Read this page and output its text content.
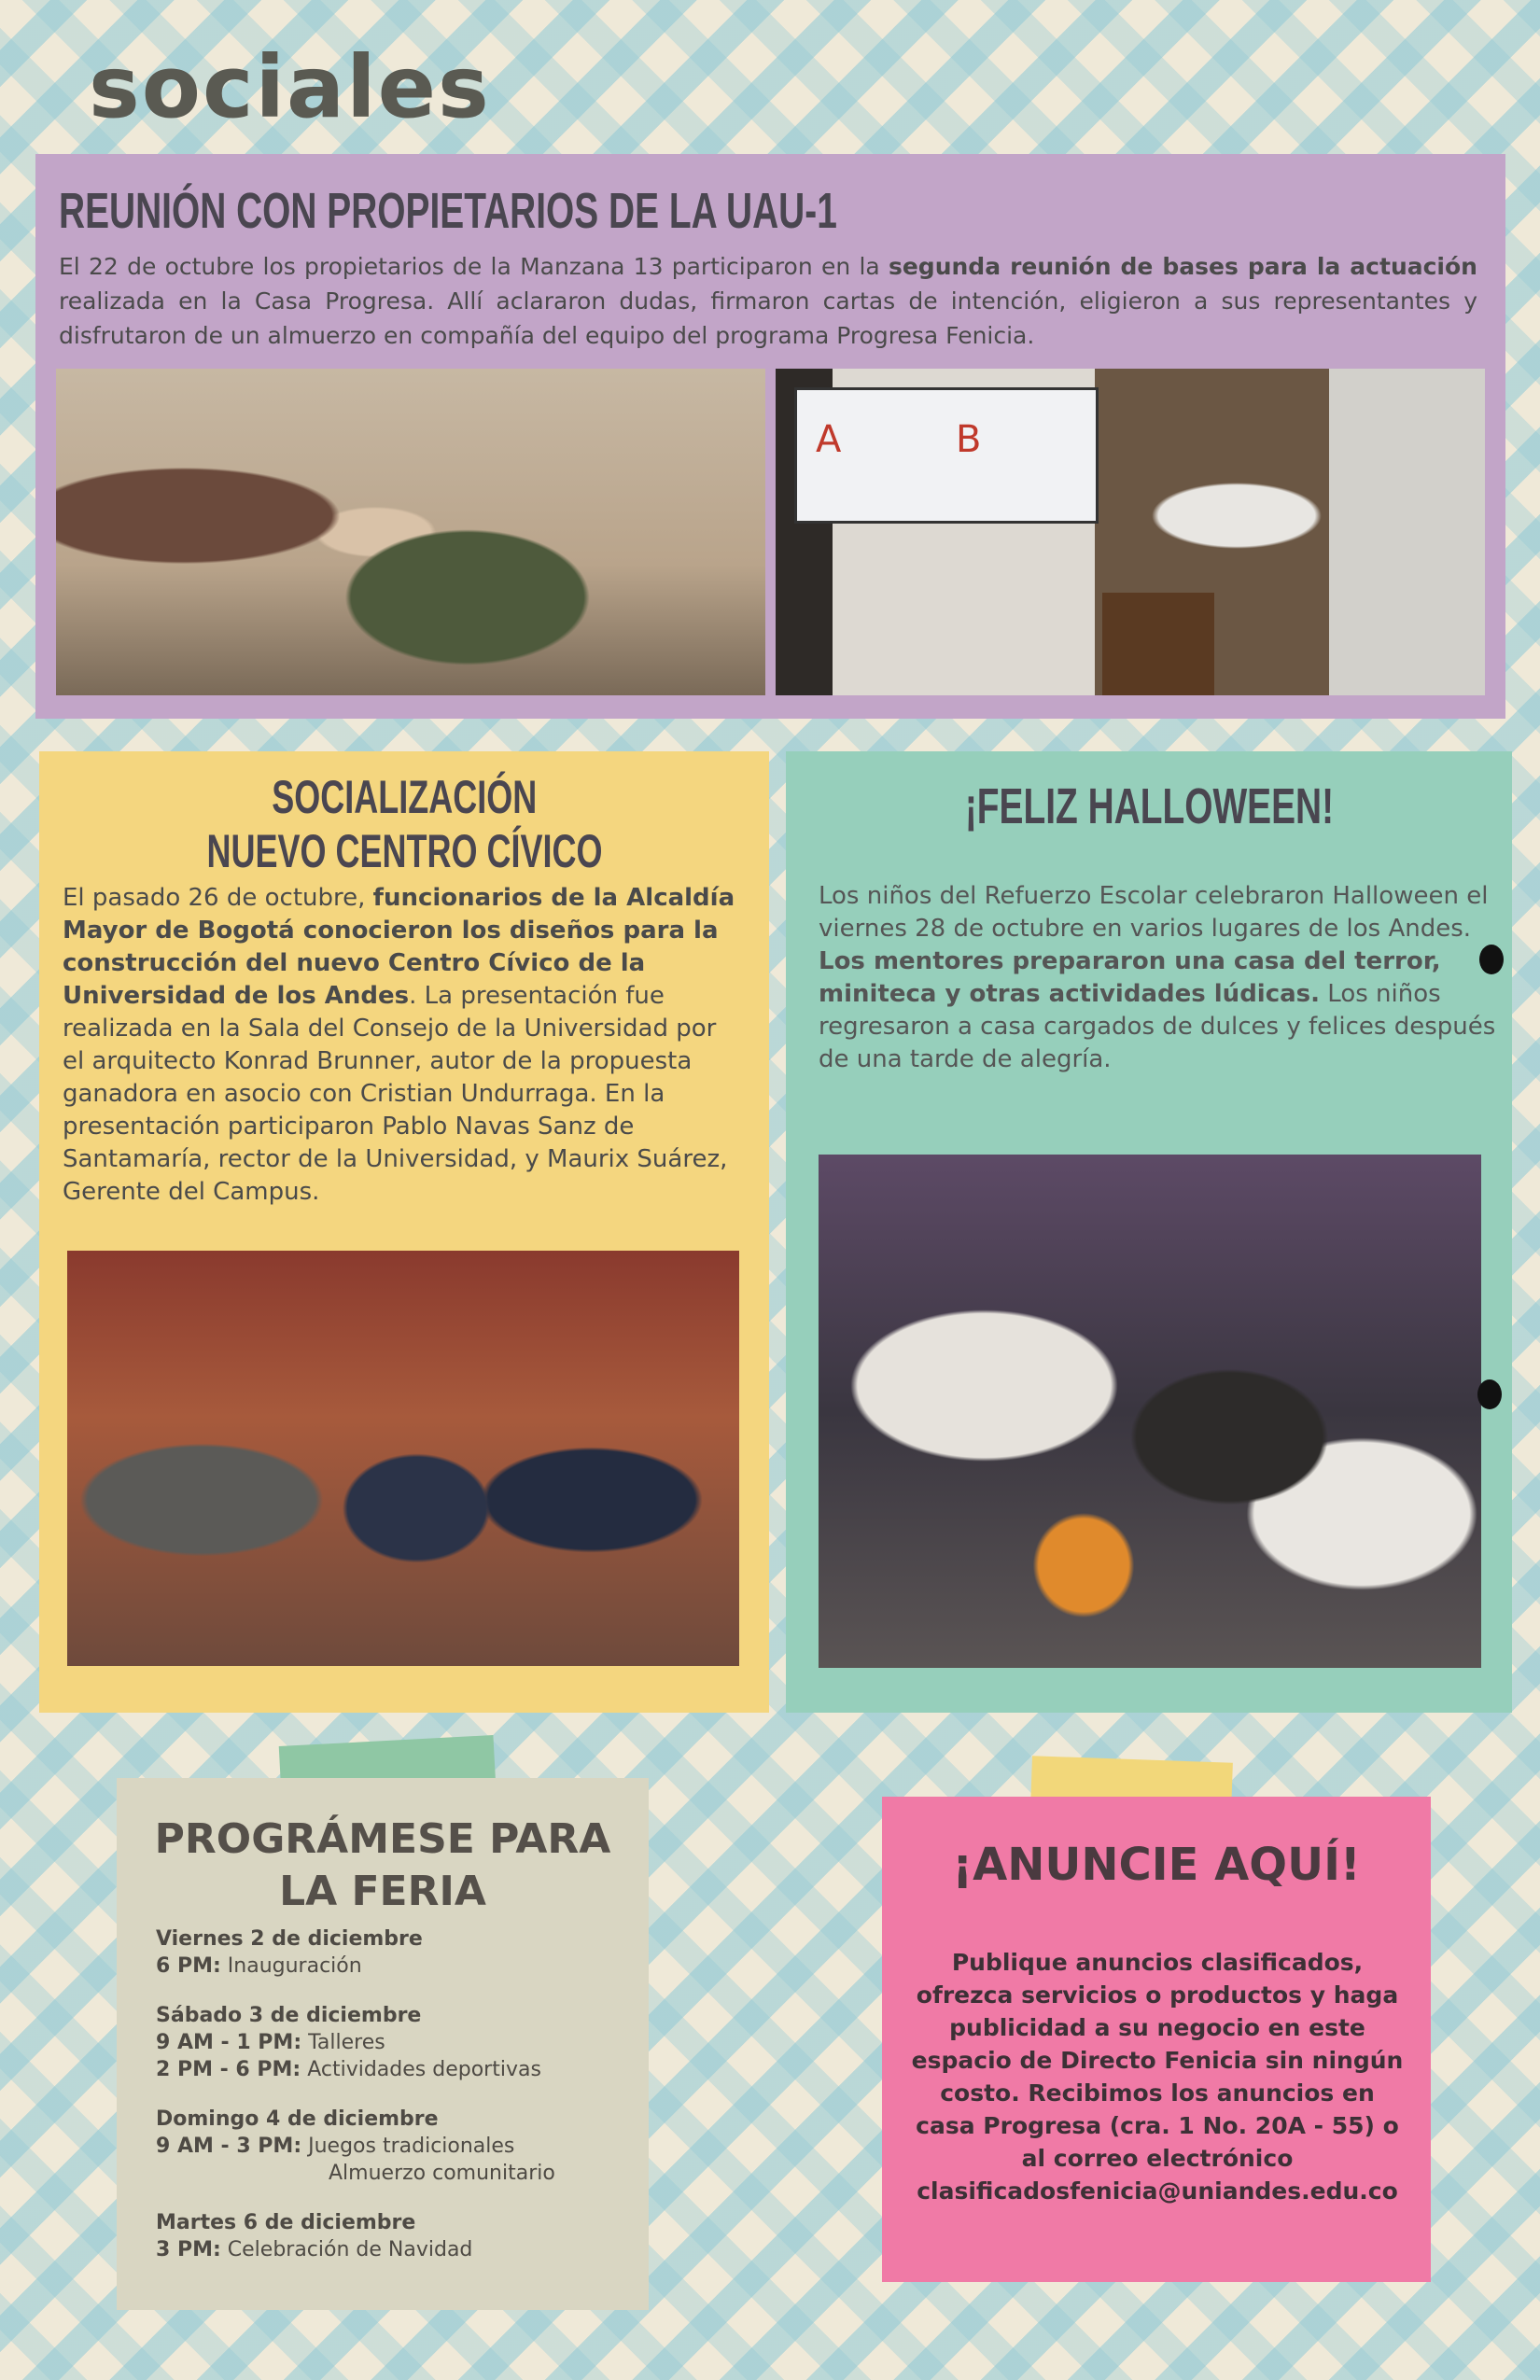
sociales
REUNIÓN CON PROPIETARIOS DE LA UAU-1

El 22 de octubre los propietarios de la Manzana 13 participaron en la segunda reunión de bases para la actuación realizada en la Casa Progresa. Allí aclararon dudas, firmaron cartas de intención, eligieron a sus representantes y disfrutaron de un almuerzo en compañía del equipo del programa Progresa Fenicia.

A	B
SOCIALIZACIÓN
NUEVO CENTRO CÍVICO

El pasado 26 de octubre, funcionarios de la Alcaldía Mayor de Bogotá conocieron los diseños para la construcción del nuevo Centro Cívico de la Universidad de los Andes. La presentación fue realizada en la Sala del Consejo de la Universidad por el arquitecto Konrad Brunner, autor de la propuesta ganadora en asocio con Cristian Undurraga. En la presentación participaron Pablo Navas Sanz de Santamaría, rector de la Universidad, y Maurix Suárez, Gerente del Campus.

¡FELIZ HALLOWEEN!

Los niños del Refuerzo Escolar celebraron Halloween el viernes 28 de octubre en varios lugares de los Andes. Los mentores prepararon una casa del terror, miniteca y otras actividades lúdicas. Los niños regresaron a casa cargados de dulces y felices después de una tarde de alegría.

PROGRÁMESE PARA
LA FERIA
Viernes 2 de diciembre
6 PM: Inauguración
Sábado 3 de diciembre
9 AM - 1 PM: Talleres
2 PM - 6 PM: Actividades deportivas
Domingo 4 de diciembre
9 AM - 3 PM: Juegos tradicionales
Almuerzo comunitario
Martes 6 de diciembre
3 PM: Celebración de Navidad
¡ANUNCIE AQUÍ!

Publique anuncios clasificados, ofrezca servicios o productos y haga publicidad a su negocio en este espacio de Directo Fenicia sin ningún costo. Recibimos los anuncios en casa Progresa (cra. 1 No. 20A - 55) o al correo electrónico clasificadosfenicia@uniandes.edu.co
